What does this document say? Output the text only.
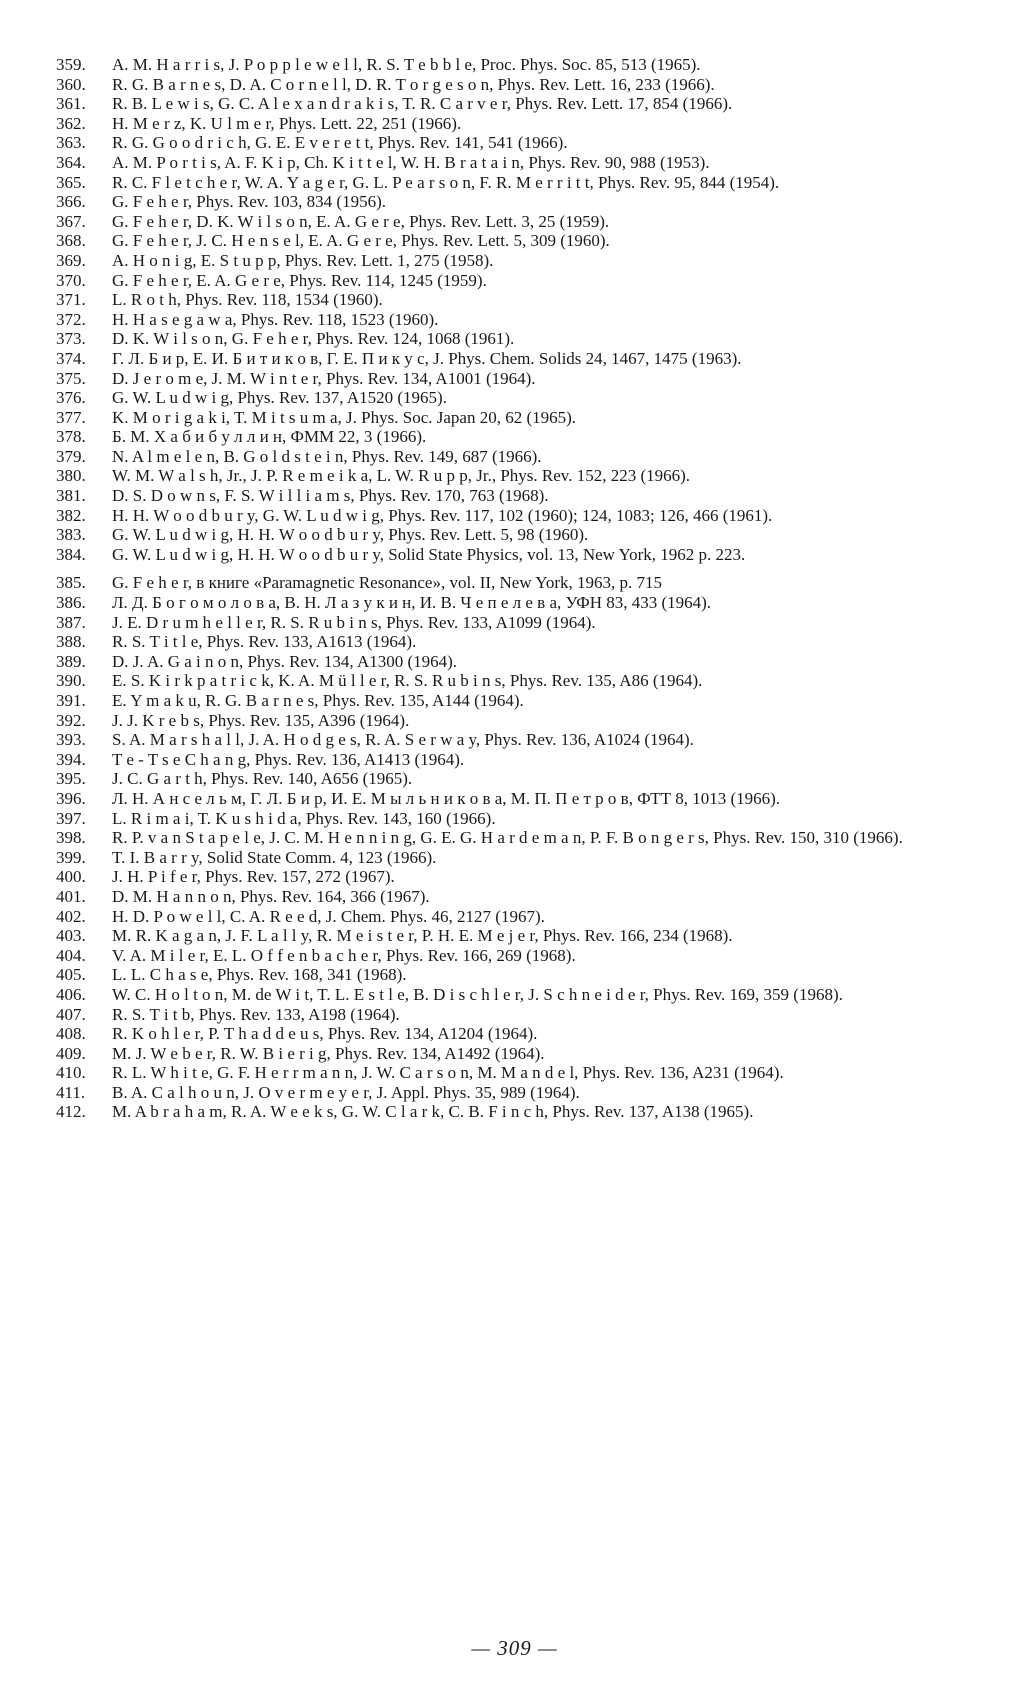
359.	A. M. H a r r i s, J. P o p p l e w e l l, R. S. T e b b l e, Proc. Phys. Soc. 85, 513 (1965).
360.	R. G. B a r n e s, D. A. C o r n e l l, D. R. T o r g e s o n, Phys. Rev. Lett. 16, 233 (1966).
361.	R. B. L e w i s, G. C. A l e x a n d r a k i s, T. R. C a r v e r, Phys. Rev. Lett. 17, 854 (1966).
362.	H. M e r z, K. U l m e r, Phys. Lett. 22, 251 (1966).
363.	R. G. G o o d r i c h, G. E. E v e r e t t, Phys. Rev. 141, 541 (1966).
364.	A. M. P o r t i s, A. F. K i p, Ch. K i t t e l, W. H. B r a t a i n, Phys. Rev. 90, 988 (1953).
365.	R. C. F l e t c h e r, W. A. Y a g e r, G. L. P e a r s o n, F. R. M e r r i t t, Phys. Rev. 95, 844 (1954).
366.	G. F e h e r, Phys. Rev. 103, 834 (1956).
367.	G. F e h e r, D. K. W i l s o n, E. A. G e r e, Phys. Rev. Lett. 3, 25 (1959).
368.	G. F e h e r, J. C. H e n s e l, E. A. G e r e, Phys. Rev. Lett. 5, 309 (1960).
369.	A. H o n i g, E. S t u p p, Phys. Rev. Lett. 1, 275 (1958).
370.	G. F e h e r, E. A. G e r e, Phys. Rev. 114, 1245 (1959).
371.	L. R o t h, Phys. Rev. 118, 1534 (1960).
372.	H. H a s e g a w a, Phys. Rev. 118, 1523 (1960).
373.	D. K. W i l s o n, G. F e h e r, Phys. Rev. 124, 1068 (1961).
374.	Г. Л. Б и р, Е. И. Б и т и к о в, Г. Е. П и к у с, J. Phys. Chem. Solids 24, 1467, 1475 (1963).
375.	D. J e r o m e, J. M. W i n t e r, Phys. Rev. 134, A1001 (1964).
376.	G. W. L u d w i g, Phys. Rev. 137, A1520 (1965).
377.	K. M o r i g a k i, T. M i t s u m a, J. Phys. Soc. Japan 20, 62 (1965).
378.	Б. М. Х а б и б у л л и н, ФММ 22, 3 (1966).
379.	N. A l m e l e n, B. G o l d s t e i n, Phys. Rev. 149, 687 (1966).
380.	W. M. W a l s h, Jr., J. P. R e m e i k a, L. W. R u p p, Jr., Phys. Rev. 152, 223 (1966).
381.	D. S. D o w n s, F. S. W i l l i a m s, Phys. Rev. 170, 763 (1968).
382.	H. H. W o o d b u r y, G. W. L u d w i g, Phys. Rev. 117, 102 (1960); 124, 1083; 126, 466 (1961).
383.	G. W. L u d w i g, H. H. W o o d b u r y, Phys. Rev. Lett. 5, 98 (1960).
384.	G. W. L u d w i g, H. H. W o o d b u r y, Solid State Physics, vol. 13, New York, 1962 p. 223.
385.	G. F e h e r, в книге «Paramagnetic Resonance», vol. II, New York, 1963, p. 715
386.	Л. Д. Б о г о м о л о в а, В. Н. Л а з у к и н, И. В. Ч е п е л е в а, УФН 83, 433 (1964).
387.	J. E. D r u m h e l l e r, R. S. R u b i n s, Phys. Rev. 133, A1099 (1964).
388.	R. S. T i t l e, Phys. Rev. 133, A1613 (1964).
389.	D. J. A. G a i n o n, Phys. Rev. 134, A1300 (1964).
390.	E. S. K i r k p a t r i c k, K. A. M ü l l e r, R. S. R u b i n s, Phys. Rev. 135, A86 (1964).
391.	E. Y m a k u, R. G. B a r n e s, Phys. Rev. 135, A144 (1964).
392.	J. J. K r e b s, Phys. Rev. 135, A396 (1964).
393.	S. A. M a r s h a l l, J. A. H o d g e s, R. A. S e r w a y, Phys. Rev. 136, A1024 (1964).
394.	T e - T s e C h a n g, Phys. Rev. 136, A1413 (1964).
395.	J. C. G a r t h, Phys. Rev. 140, A656 (1965).
396.	Л. Н. А н с е л ь м, Г. Л. Б и р, И. Е. М ы л ь н и к о в а, М. П. П е т р о в, ФТТ 8, 1013 (1966).
397.	L. R i m a i, T. K u s h i d a, Phys. Rev. 143, 160 (1966).
398.	R. P. v a n S t a p e l e, J. C. M. H e n n i n g, G. E. G. H a r d e m a n, P. F. B o n g e r s, Phys. Rev. 150, 310 (1966).
399.	T. I. B a r r y, Solid State Comm. 4, 123 (1966).
400.	J. H. P i f e r, Phys. Rev. 157, 272 (1967).
401.	D. M. H a n n o n, Phys. Rev. 164, 366 (1967).
402.	H. D. P o w e l l, C. A. R e e d, J. Chem. Phys. 46, 2127 (1967).
403.	M. R. K a g a n, J. F. L a l l y, R. M e i s t e r, P. H. E. M e j e r, Phys. Rev. 166, 234 (1968).
404.	V. A. M i l e r, E. L. O f f e n b a c h e r, Phys. Rev. 166, 269 (1968).
405.	L. L. C h a s e, Phys. Rev. 168, 341 (1968).
406.	W. C. H o l t o n, M. de W i t, T. L. E s t l e, B. D i s c h l e r, J. S c h n e i d e r, Phys. Rev. 169, 359 (1968).
407.	R. S. T i t b, Phys. Rev. 133, A198 (1964).
408.	R. K o h l e r, P. T h a d d e u s, Phys. Rev. 134, A1204 (1964).
409.	M. J. W e b e r, R. W. B i e r i g, Phys. Rev. 134, A1492 (1964).
410.	R. L. W h i t e, G. F. H e r r m a n n, J. W. C a r s o n, M. M a n d e l, Phys. Rev. 136, A231 (1964).
411.	B. A. C a l h o u n, J. O v e r m e y e r, J. Appl. Phys. 35, 989 (1964).
412.	M. A b r a h a m, R. A. W e e k s, G. W. C l a r k, C. B. F i n c h, Phys. Rev. 137, A138 (1965).
— 309 —
